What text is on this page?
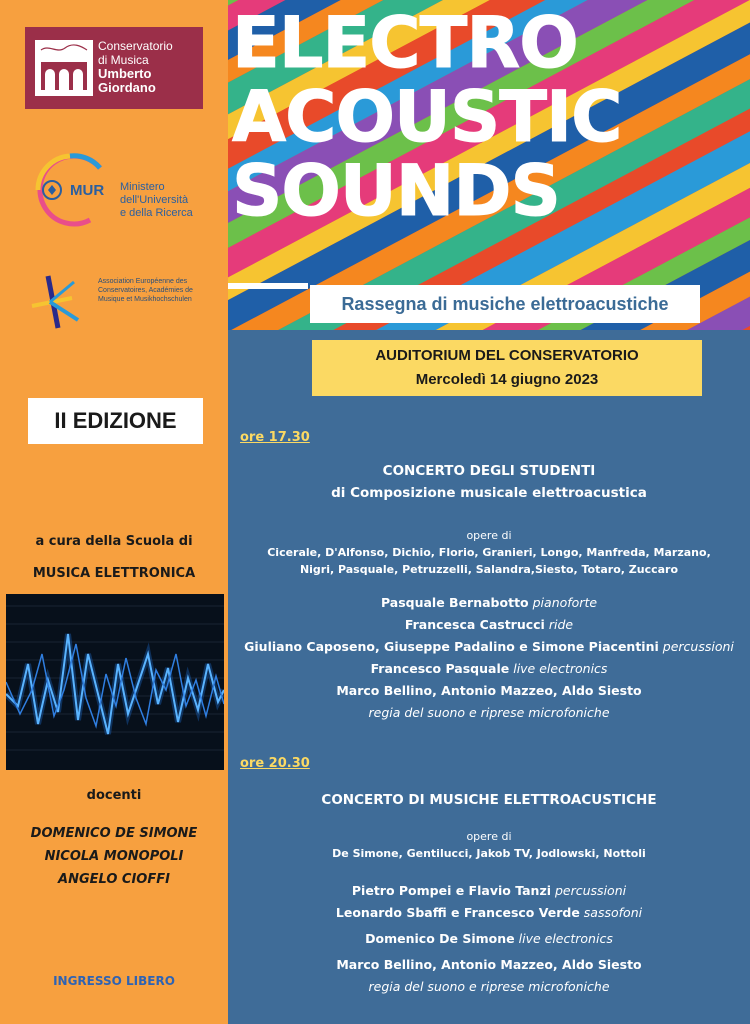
ELECTRO
ACOUSTIC
SOUNDS
Rassegna di musiche elettroacustiche
Conservatorio
di Musica
Umberto
Giordano
MUR Ministero
dell'Università
e della Ricerca
Association Européenne des
Conservatoires, Académies de
Musique et Musikhochschulen
II EDIZIONE
a cura della Scuola di
MUSICA ELETTRONICA
docenti
DOMENICO DE SIMONE
NICOLA MONOPOLI
ANGELO CIOFFI
INGRESSO LIBERO
AUDITORIUM DEL CONSERVATORIO
Mercoledì 14 giugno 2023
ore 17.30
CONCERTO DEGLI STUDENTI
di Composizione musicale elettroacustica
opere di
Cicerale, D'Alfonso, Dichio, Florio, Granieri, Longo, Manfreda, Marzano,
Nigri, Pasquale, Petruzzelli, Salandra,Siesto, Totaro, Zuccaro
Pasquale Bernabotto pianoforte
Francesca Castrucci ride
Giuliano Caposeno, Giuseppe Padalino e Simone Piacentini percussioni
Francesco Pasquale live electronics
Marco Bellino, Antonio Mazzeo, Aldo Siesto
regia del suono e riprese microfoniche
ore 20.30
CONCERTO DI MUSICHE ELETTROACUSTICHE
opere di
De Simone, Gentilucci, Jakob TV, Jodlowski, Nottoli
Pietro Pompei e Flavio Tanzi percussioni
Leonardo Sbaffi e Francesco Verde sassofoni
Domenico De Simone live electronics
Marco Bellino, Antonio Mazzeo, Aldo Siesto
regia del suono e riprese microfoniche
